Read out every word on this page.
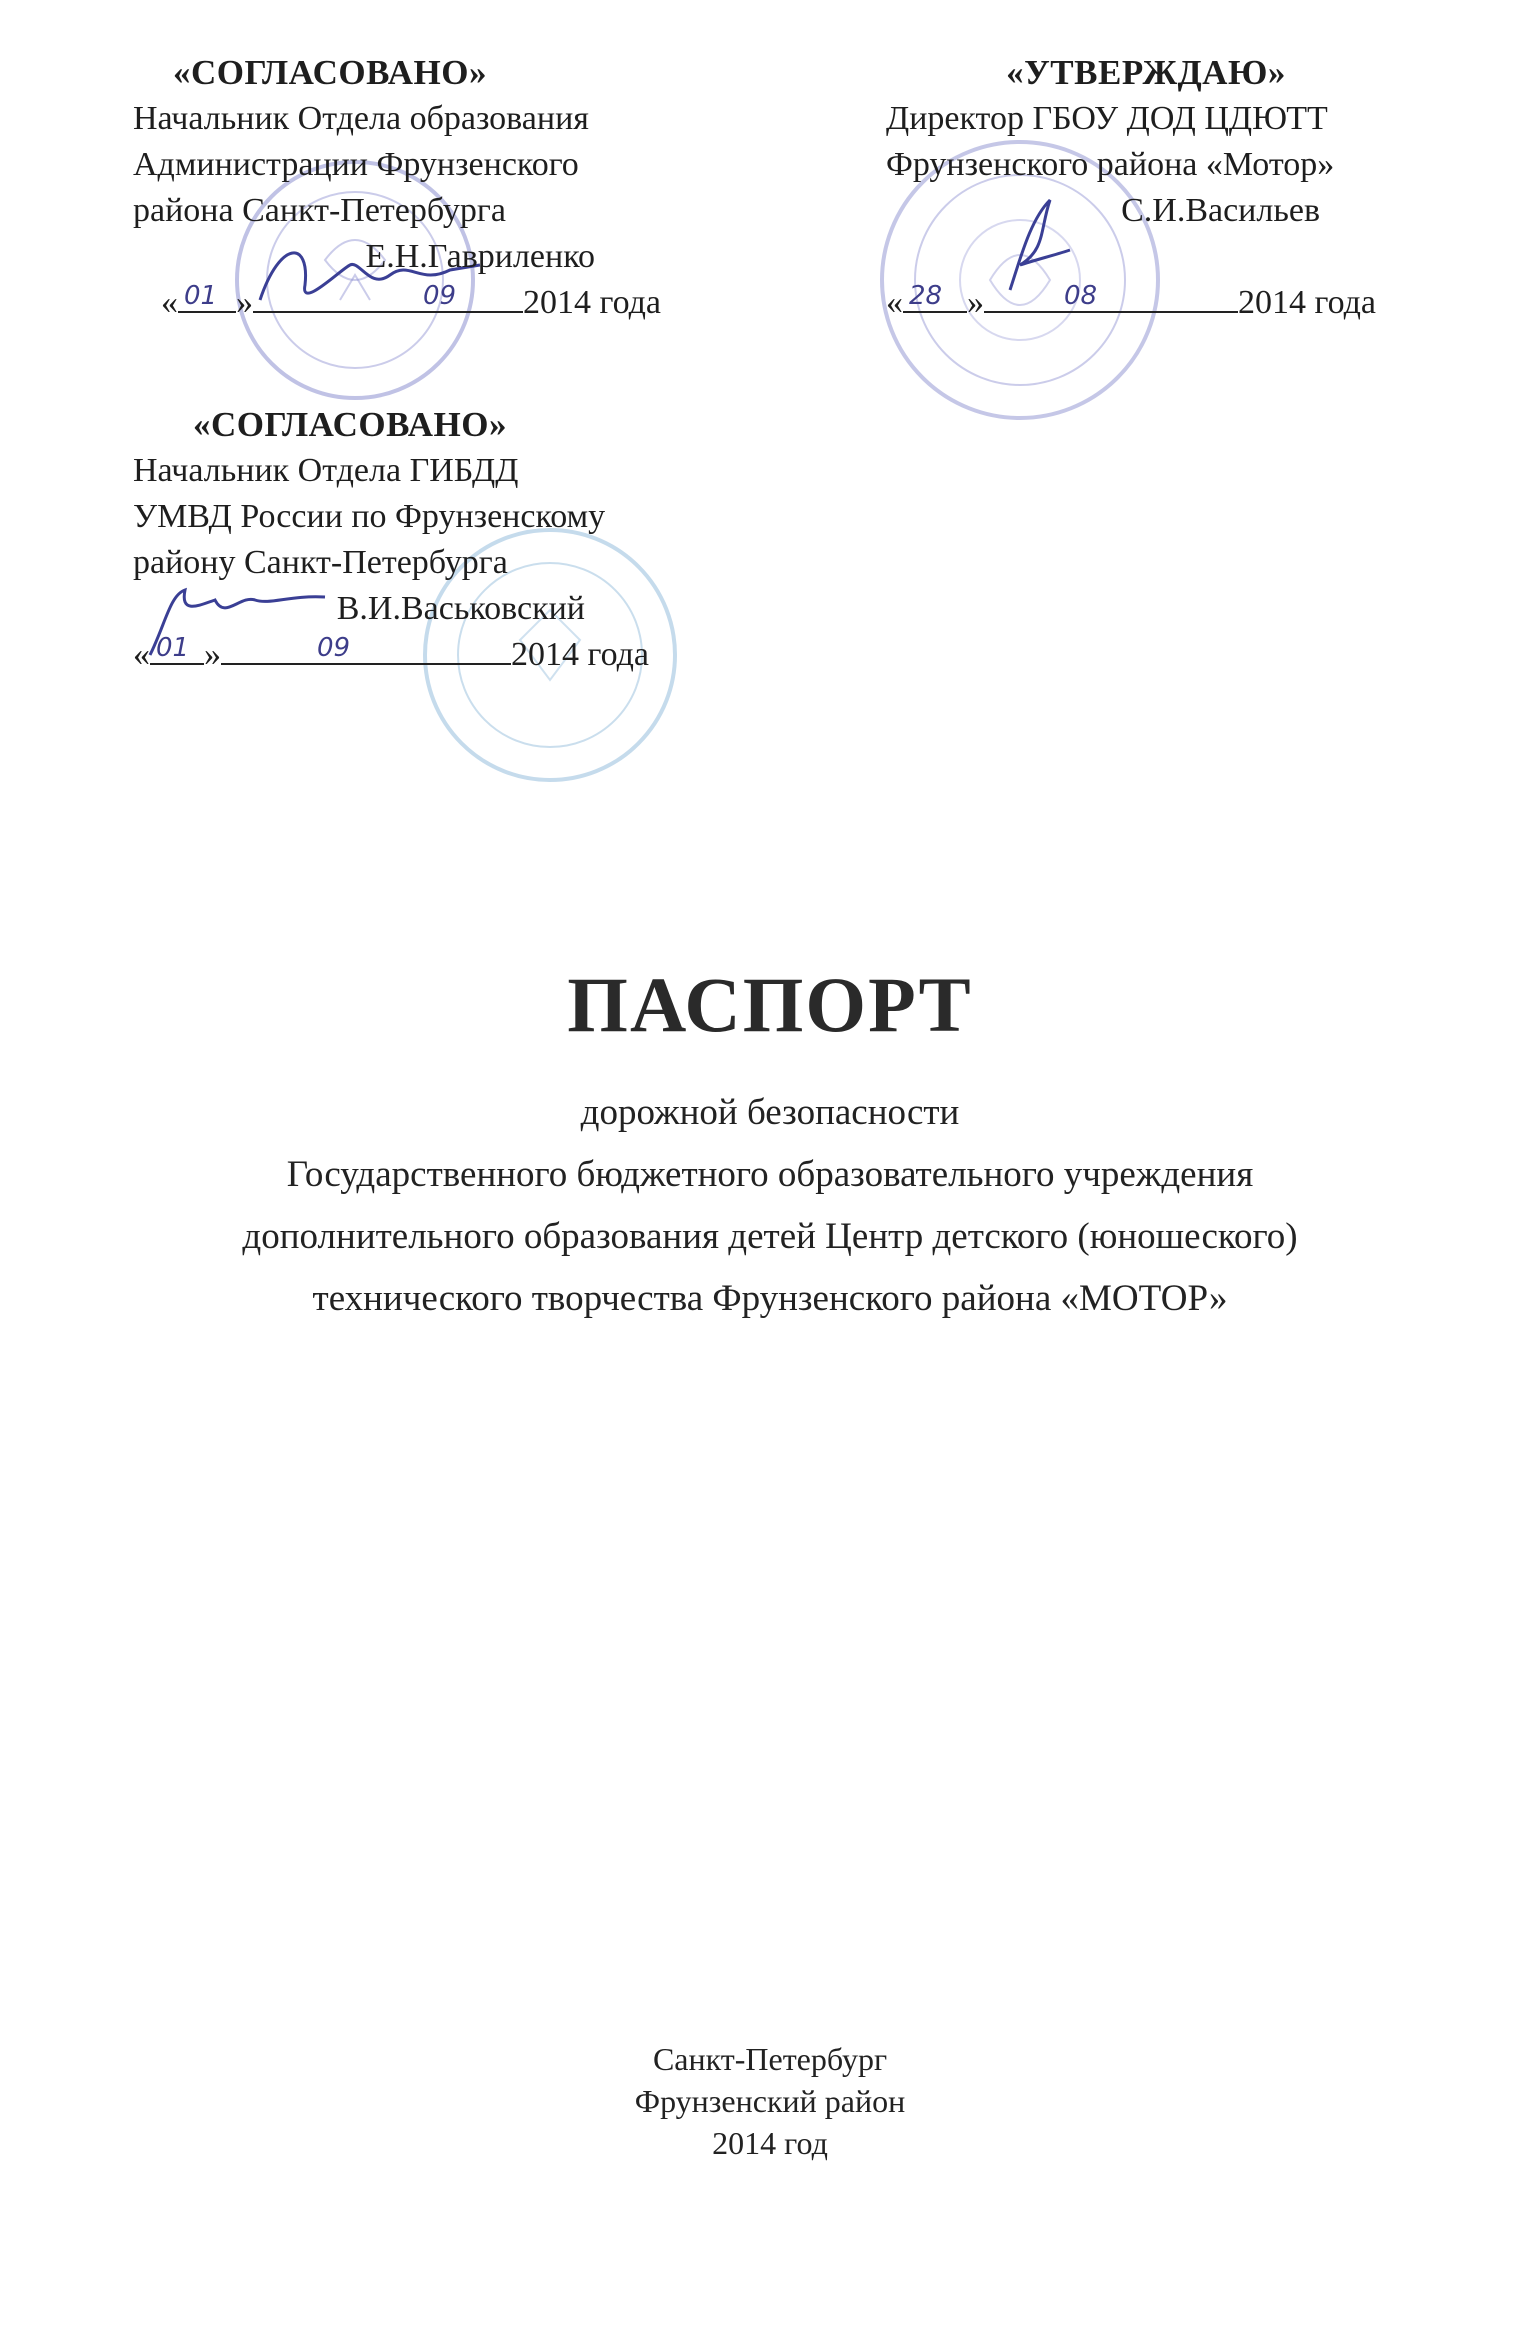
«СОГЛАСОВАНО»
Начальник Отдела образования
Администрации Фрунзенского
района Санкт-Петербурга
Е.Н.Гавриленко
« 01 »	09 2014 года
«УТВЕРЖДАЮ»
Директор ГБОУ ДОД ЦДЮТТ
Фрунзенского района «Мотор»
С.И.Васильев
« 28 »	08	2014 года
«СОГЛАСОВАНО»
Начальник Отдела ГИБДД
УМВД России по Фрунзенскому
району Санкт-Петербурга
В.И.Васьковский
« 01 »	09	2014 года
ПАСПОРТ
дорожной безопасности
Государственного бюджетного образовательного учреждения
дополнительного образования детей Центр детского (юношеского)
технического творчества Фрунзенского района «МОТОР»
Санкт-Петербург
Фрунзенский район
2014 год
